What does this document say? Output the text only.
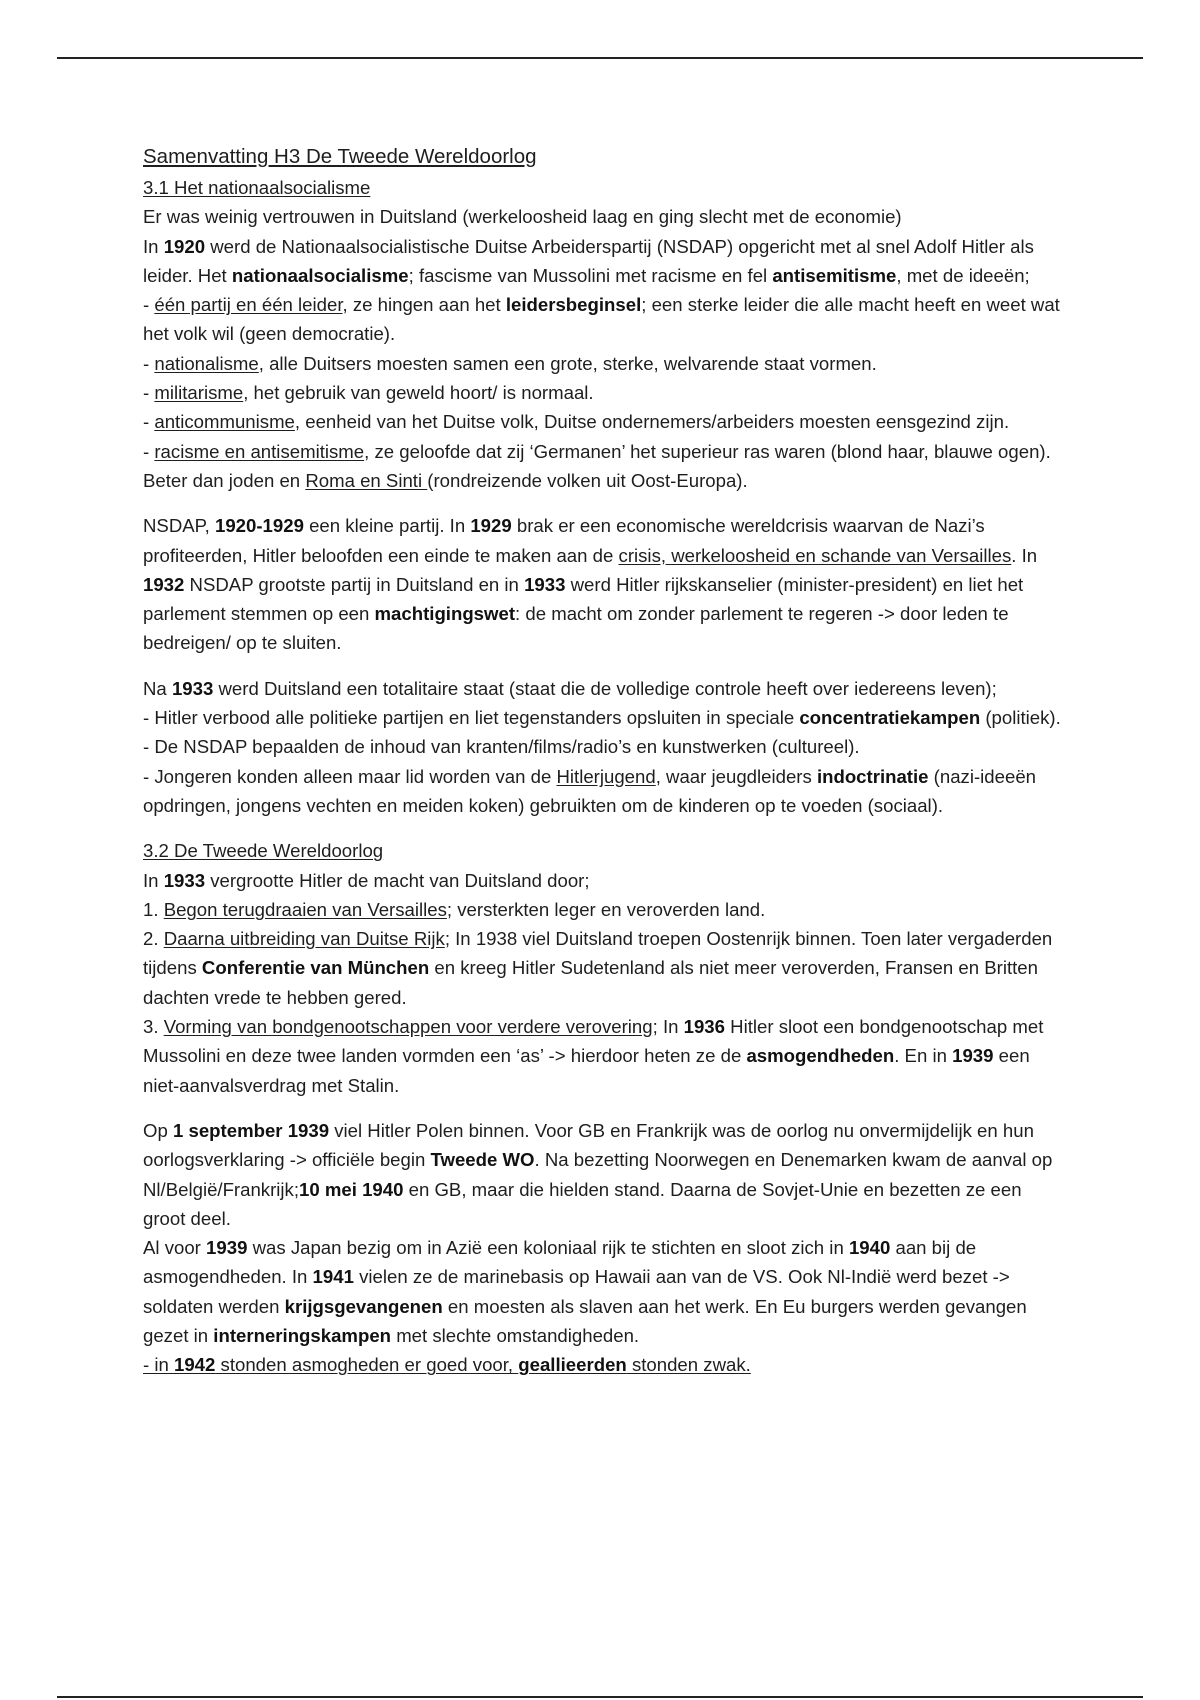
Samenvatting H3 De Tweede Wereldoorlog

3.1 Het nationaalsocialisme

Er was weinig vertrouwen in Duitsland (werkeloosheid laag en ging slecht met de economie)

In 1920 werd de Nationaalsocialistische Duitse Arbeiderspartij (NSDAP) opgericht met al snel Adolf Hitler als leider. Het nationaalsocialisme; fascisme van Mussolini met racisme en fel antisemitisme, met de ideeën;

- één partij en één leider, ze hingen aan het leidersbeginsel; een sterke leider die alle macht heeft en weet wat het volk wil (geen democratie).

- nationalisme, alle Duitsers moesten samen een grote, sterke, welvarende staat vormen.

- militarisme, het gebruik van geweld hoort/ is normaal.

- anticommunisme, eenheid van het Duitse volk, Duitse ondernemers/arbeiders moesten eensgezind zijn.

- racisme en antisemitisme, ze geloofde dat zij ‘Germanen’ het superieur ras waren (blond haar, blauwe ogen). Beter dan joden en Roma en Sinti (rondreizende volken uit Oost-Europa).

NSDAP, 1920-1929 een kleine partij. In 1929 brak er een economische wereldcrisis waarvan de Nazi’s profiteerden, Hitler beloofden een einde te maken aan de crisis, werkeloosheid en schande van Versailles. In 1932 NSDAP grootste partij in Duitsland en in 1933 werd Hitler rijkskanselier (minister-president) en liet het parlement stemmen op een machtigingswet: de macht om zonder parlement te regeren -> door leden te bedreigen/ op te sluiten.

Na 1933 werd Duitsland een totalitaire staat (staat die de volledige controle heeft over iedereens leven);

- Hitler verbood alle politieke partijen en liet tegenstanders opsluiten in speciale concentratiekampen (politiek).

- De NSDAP bepaalden de inhoud van kranten/films/radio’s en kunstwerken (cultureel).

- Jongeren konden alleen maar lid worden van de Hitlerjugend, waar jeugdleiders indoctrinatie (nazi-ideeën opdringen, jongens vechten en meiden koken) gebruikten om de kinderen op te voeden (sociaal).

3.2 De Tweede Wereldoorlog

In 1933 vergrootte Hitler de macht van Duitsland door;

1. Begon terugdraaien van Versailles; versterkten leger en veroverden land.

2. Daarna uitbreiding van Duitse Rijk; In 1938 viel Duitsland troepen Oostenrijk binnen. Toen later vergaderden tijdens Conferentie van München en kreeg Hitler Sudetenland als niet meer veroverden, Fransen en Britten dachten vrede te hebben gered.

3. Vorming van bondgenootschappen voor verdere verovering; In 1936 Hitler sloot een bondgenootschap met Mussolini en deze twee landen vormden een ‘as’ -> hierdoor heten ze de asmogendheden. En in 1939 een niet-aanvalsverdrag met Stalin.

Op 1 september 1939 viel Hitler Polen binnen. Voor GB en Frankrijk was de oorlog nu onvermijdelijk en hun oorlogsverklaring -> officiële begin Tweede WO. Na bezetting Noorwegen en Denemarken kwam de aanval op Nl/België/Frankrijk;10 mei 1940 en GB, maar die hielden stand. Daarna de Sovjet-Unie en bezetten ze een groot deel.

Al voor 1939 was Japan bezig om in Azië een koloniaal rijk te stichten en sloot zich in 1940 aan bij de asmogendheden. In 1941 vielen ze de marinebasis op Hawaii aan van de VS. Ook Nl-Indië werd bezet -> soldaten werden krijgsgevangenen en moesten als slaven aan het werk. En Eu burgers werden gevangen gezet in interneringskampen met slechte omstandigheden.

- in 1942 stonden asmogheden er goed voor, geallieerden stonden zwak.
